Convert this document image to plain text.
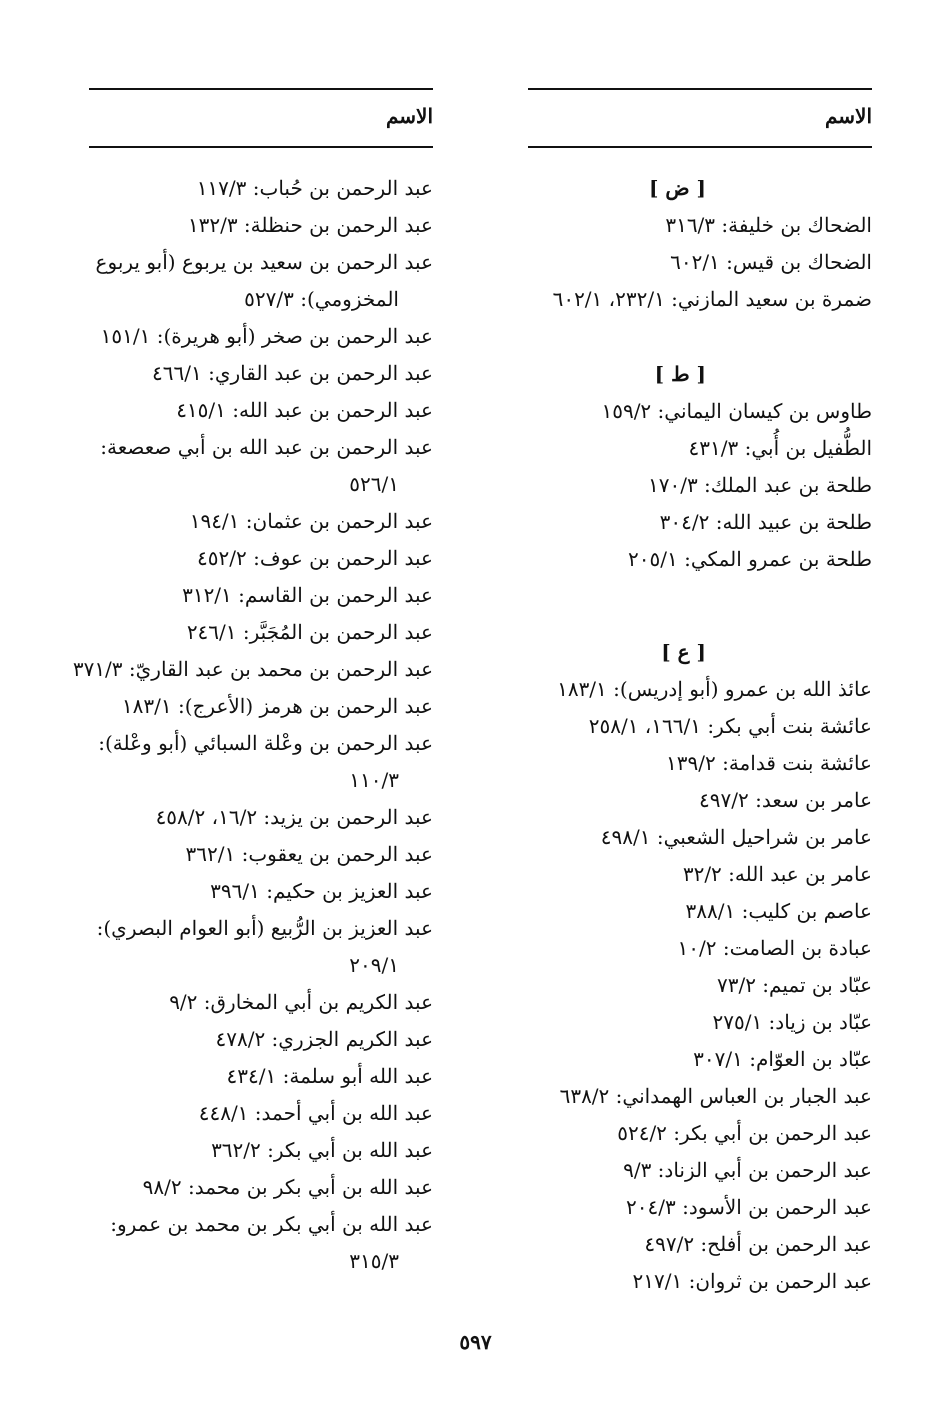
الاسم
[ ض ]
الضحاك بن خليفة: ٣١٦/٣
الضحاك بن قيس: ٦٠٢/١
ضمرة بن سعيد المازني: ٢٣٢/١، ٦٠٢/١
[ ط ]
طاوس بن كيسان اليماني: ١٥٩/٢
الطُّفيل بن أُبي: ٤٣١/٣
طلحة بن عبد الملك: ١٧٠/٣
طلحة بن عبيد الله: ٣٠٤/٢
طلحة بن عمرو المكي: ٢٠٥/١
[ ع ]
عائذ الله بن عمرو (أبو إدريس): ١٨٣/١
عائشة بنت أبي بكر: ١٦٦/١، ٢٥٨/١
عائشة بنت قدامة: ١٣٩/٢
عامر بن سعد: ٤٩٧/٢
عامر بن شراحيل الشعبي: ٤٩٨/١
عامر بن عبد الله: ٣٢/٢
عاصم بن كليب: ٣٨٨/١
عبادة بن الصامت: ١٠/٢
عبّاد بن تميم: ٧٣/٢
عبّاد بن زياد: ٢٧٥/١
عبّاد بن العوّام: ٣٠٧/١
عبد الجبار بن العباس الهمداني: ٦٣٨/٢
عبد الرحمن بن أبي بكر: ٥٢٤/٢
عبد الرحمن بن أبي الزناد: ٩/٣
عبد الرحمن بن الأسود: ٢٠٤/٣
عبد الرحمن بن أفلح: ٤٩٧/٢
عبد الرحمن بن ثروان: ٢١٧/١
الاسم
عبد الرحمن بن حُباب: ١١٧/٣
عبد الرحمن بن حنظلة: ١٣٢/٣
عبد الرحمن بن سعيد بن يربوع (أبو يربوع
المخزومي): ٥٢٧/٣
عبد الرحمن بن صخر (أبو هريرة): ١٥١/١
عبد الرحمن بن عبد القاري: ٤٦٦/١
عبد الرحمن بن عبد الله: ٤١٥/١
عبد الرحمن بن عبد الله بن أبي صعصعة:
٥٢٦/١
عبد الرحمن بن عثمان: ١٩٤/١
عبد الرحمن بن عوف: ٤٥٢/٢
عبد الرحمن بن القاسم: ٣١٢/١
عبد الرحمن بن المُجَبَّر: ٢٤٦/١
عبد الرحمن بن محمد بن عبد القاريّ: ٣٧١/٣
عبد الرحمن بن هرمز (الأعرج): ١٨٣/١
عبد الرحمن بن وعْلة السبائي (أبو وعْلة):
١١٠/٣
عبد الرحمن بن يزيد: ١٦/٢، ٤٥٨/٢
عبد الرحمن بن يعقوب: ٣٦٢/١
عبد العزيز بن حكيم: ٣٩٦/١
عبد العزيز بن الرُّبيع (أبو العوام البصري):
٢٠٩/١
عبد الكريم بن أبي المخارق: ٩/٢
عبد الكريم الجزري: ٤٧٨/٢
عبد الله أبو سلمة: ٤٣٤/١
عبد الله بن أبي أحمد: ٤٤٨/١
عبد الله بن أبي بكر: ٣٦٢/٢
عبد الله بن أبي بكر بن محمد: ٩٨/٢
عبد الله بن أبي بكر بن محمد بن عمرو:
٣١٥/٣
٥٩٧
